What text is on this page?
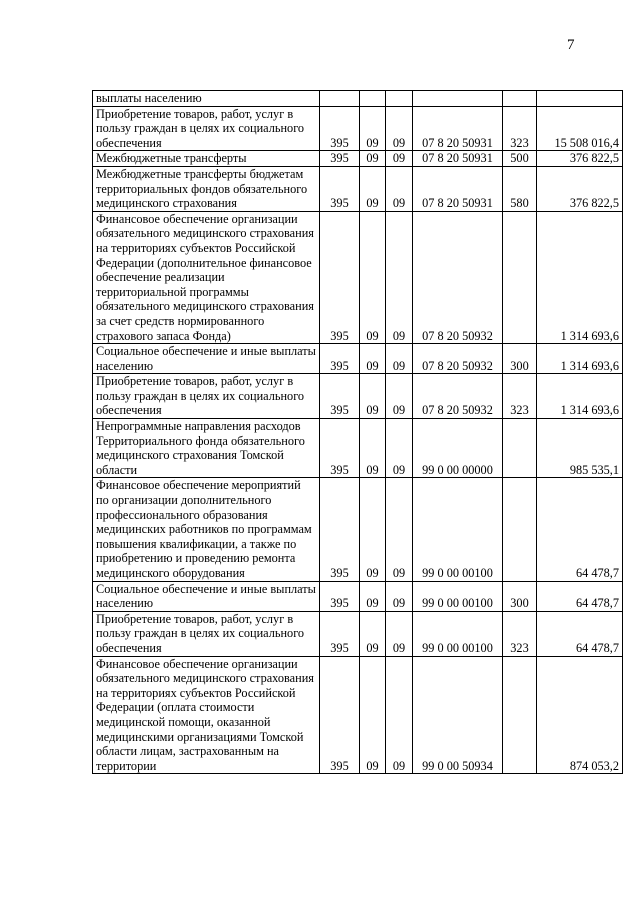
7
выплаты населению						
Приобретение товаров, работ, услуг в пользу граждан в целях их социального обеспечения	395	09	09	07 8 20 50931	323	15 508 016,4
Межбюджетные трансферты	395	09	09	07 8 20 50931	500	376 822,5
Межбюджетные трансферты бюджетам территориальных фондов обязательного медицинского страхования	395	09	09	07 8 20 50931	580	376 822,5
Финансовое обеспечение организации обязательного медицинского страхования на территориях субъектов Российской Федерации (дополнительное финансовое обеспечение реализации территориальной программы обязательного медицинского страхования за счет средств нормированного страхового запаса Фонда)	395	09	09	07 8 20 50932		1 314 693,6
Социальное обеспечение и иные выплаты населению	395	09	09	07 8 20 50932	300	1 314 693,6
Приобретение товаров, работ, услуг в пользу граждан в целях их социального обеспечения	395	09	09	07 8 20 50932	323	1 314 693,6
Непрограммные направления расходов Территориального фонда обязательного медицинского страхования Томской области	395	09	09	99 0 00 00000		985 535,1
Финансовое обеспечение мероприятий по организации дополнительного профессионального образования медицинских работников по программам повышения квалификации, а также по приобретению и проведению ремонта медицинского оборудования	395	09	09	99 0 00 00100		64 478,7
Социальное обеспечение и иные выплаты населению	395	09	09	99 0 00 00100	300	64 478,7
Приобретение товаров, работ, услуг в пользу граждан в целях их социального обеспечения	395	09	09	99 0 00 00100	323	64 478,7
Финансовое обеспечение организации обязательного медицинского страхования на территориях субъектов Российской Федерации (оплата стоимости медицинской помощи, оказанной медицинскими организациями Томской области лицам, застрахованным на территории	395	09	09	99 0 00 50934		874 053,2
